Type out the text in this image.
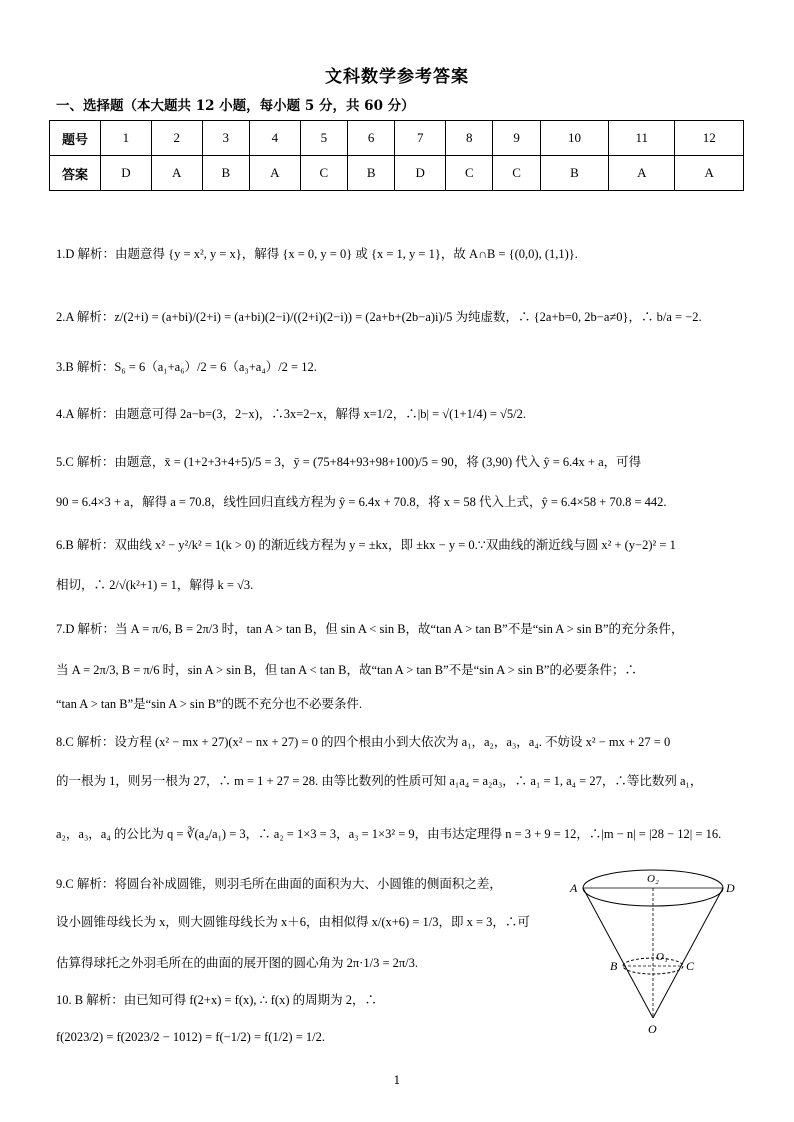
文科数学参考答案
一、选择题（本大题共 12 小题，每小题 5 分，共 60 分）
题号	1	2	3	4	5	6	7	8	9	10	11	12
答案	D	A	B	A	C	B	D	C	C	B	A	A
1.D 解析：由题意得 {y = x², y = x}，解得 {x = 0, y = 0} 或 {x = 1, y = 1}，故 A∩B = {(0,0), (1,1)}.
2.A 解析：z/(2+i) = (a+bi)/(2+i) = (a+bi)(2−i)/((2+i)(2−i)) = (2a+b+(2b−a)i)/5 为纯虚数，∴ {2a+b=0, 2b−a≠0}，∴ b/a = −2.
3.B 解析：S₆ = 6（a₁+a₆）/2 = 6（a₃+a₄）/2 = 12.
4.A 解析：由题意可得 2a−b=(3，2−x)，∴3x=2−x，解得 x=1/2，∴|b| = √(1+1/4) = √5/2.
5.C 解析：由题意，x̄ = (1+2+3+4+5)/5 = 3，ȳ = (75+84+93+98+100)/5 = 90，将 (3,90) 代入 ŷ = 6.4x + a，可得
90 = 6.4×3 + a，解得 a = 70.8，线性回归直线方程为 ŷ = 6.4x + 70.8，将 x = 58 代入上式，ŷ = 6.4×58 + 70.8 = 442.
6.B 解析：双曲线 x² − y²/k² = 1(k > 0) 的渐近线方程为 y = ±kx，即 ±kx − y = 0.∵双曲线的渐近线与圆 x² + (y−2)² = 1
相切，∴ 2/√(k²+1) = 1，解得 k = √3.
7.D 解析：当 A = π/6, B = 2π/3 时，tan A > tan B，但 sin A < sin B，故“tan A > tan B”不是“sin A > sin B”的充分条件，
当 A = 2π/3, B = π/6 时，sin A > sin B，但 tan A < tan B，故“tan A > tan B”不是“sin A > sin B”的必要条件；∴
“tan A > tan B”是“sin A > sin B”的既不充分也不必要条件.
8.C 解析：设方程 (x² − mx + 27)(x² − nx + 27) = 0 的四个根由小到大依次为 a₁，a₂，a₃，a₄. 不妨设 x² − mx + 27 = 0
的一根为 1，则另一根为 27，∴ m = 1 + 27 = 28. 由等比数列的性质可知 a₁a₄ = a₂a₃，∴ a₁ = 1, a₄ = 27，∴等比数列 a₁，
a₂，a₃，a₄ 的公比为 q = ∛(a₄/a₁) = 3，∴ a₂ = 1×3 = 3，a₃ = 1×3² = 9，由韦达定理得 n = 3 + 9 = 12，∴|m − n| = |28 − 12| = 16.
9.C 解析：将圆台补成圆锥，则羽毛所在曲面的面积为大、小圆锥的侧面积之差，
设小圆锥母线长为 x，则大圆锥母线长为 x＋6，由相似得 x/(x+6) = 1/3，即 x = 3，∴可
估算得球托之外羽毛所在的曲面的展开图的圆心角为 2π·1/3 = 2π/3.
10. B 解析：由已知可得 f(2+x) = f(x), ∴ f(x) 的周期为 2，∴
f(2023/2) = f(2023/2 − 1012) = f(−1/2) = f(1/2) = 1/2.
A	D
O₂
B	C
O₁
O
1
